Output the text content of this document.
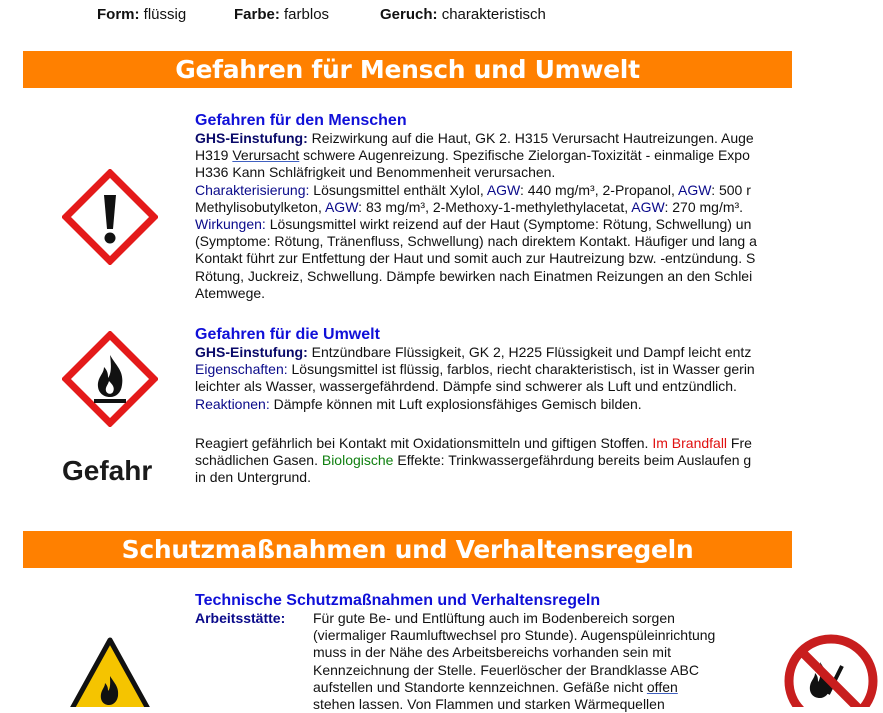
Form: flüssig	Farbe: farblos	Geruch: charakteristisch
Gefahren für Mensch und Umwelt
Gefahr
Gefahren für den Menschen
GHS-Einstufung: Reizwirkung auf die Haut, GK 2. H315 Verursacht Hautreizungen. Auge
H319 Verursacht schwere Augenreizung. Spezifische Zielorgan-Toxizität - einmalige Expo
H336 Kann Schläfrigkeit und Benommenheit verursachen.
Charakterisierung: Lösungsmittel enthält Xylol, AGW: 440 mg/m³, 2-Propanol, AGW: 500 r
Methylisobutylketon, AGW: 83 mg/m³, 2-Methoxy-1-methylethylacetat, AGW: 270 mg/m³.
Wirkungen: Lösungsmittel wirkt reizend auf der Haut (Symptome: Rötung, Schwellung) un
(Symptome: Rötung, Tränenfluss, Schwellung) nach direktem Kontakt. Häufiger und lang a
Kontakt führt zur Entfettung der Haut und somit auch zur Hautreizung bzw. -entzündung. S
Rötung, Juckreiz, Schwellung. Dämpfe bewirken nach Einatmen Reizungen an den Schlei
Atemwege.
Gefahren für die Umwelt
GHS-Einstufung: Entzündbare Flüssigkeit, GK 2, H225 Flüssigkeit und Dampf leicht entz
Eigenschaften: Lösungsmittel ist flüssig, farblos, riecht charakteristisch, ist in Wasser gerin
leichter als Wasser, wassergefährdend. Dämpfe sind schwerer als Luft und entzündlich.
Reaktionen: Dämpfe können mit Luft explosionsfähiges Gemisch bilden.
Reagiert gefährlich bei Kontakt mit Oxidationsmitteln und giftigen Stoffen. Im Brandfall Fre
schädlichen Gasen. Biologische Effekte: Trinkwassergefährdung bereits beim Auslaufen g
in den Untergrund.
Schutzmaßnahmen und Verhaltensregeln
Technische Schutzmaßnahmen und Verhaltensregeln
Arbeitsstätte: Für gute Be- und Entlüftung auch im Bodenbereich sorgen
(viermaliger Raumluftwechsel pro Stunde). Augenspüleinrichtung
muss in der Nähe des Arbeitsbereichs vorhanden sein mit
Kennzeichnung der Stelle. Feuerlöscher der Brandklasse ABC
aufstellen und Standorte kennzeichnen. Gefäße nicht offen
stehen lassen. Von Flammen und starken Wärmequellen
